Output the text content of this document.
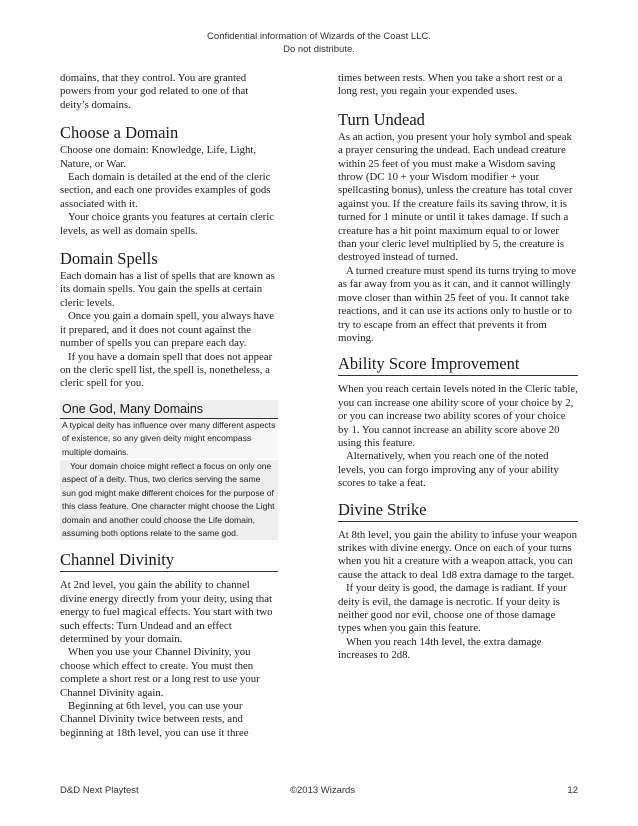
Confidential information of Wizards of the Coast LLC.
Do not distribute.

domains, that they control. You are granted powers from your god related to one of that deity’s domains.

Choose a Domain

Choose one domain: Knowledge, Life, Light, Nature, or War.

Each domain is detailed at the end of the cleric section, and each one provides examples of gods associated with it.

Your choice grants you features at certain cleric levels, as well as domain spells.

Domain Spells

Each domain has a list of spells that are known as its domain spells. You gain the spells at certain cleric levels.

Once you gain a domain spell, you always have it prepared, and it does not count against the number of spells you can prepare each day.

If you have a domain spell that does not appear on the cleric spell list, the spell is, nonetheless, a cleric spell for you.

One God, Many Domains

A typical deity has influence over many different aspects of existence, so any given deity might encompass multiple domains.

Your domain choice might reflect a focus on only one aspect of a deity. Thus, two clerics serving the same sun god might make different choices for the purpose of this class feature. One character might choose the Light domain and another could choose the Life domain, assuming both options relate to the same god.

Channel Divinity

At 2nd level, you gain the ability to channel divine energy directly from your deity, using that energy to fuel magical effects. You start with two such effects: Turn Undead and an effect determined by your domain.

When you use your Channel Divinity, you choose which effect to create. You must then complete a short rest or a long rest to use your Channel Divinity again.

Beginning at 6th level, you can use your Channel Divinity twice between rests, and beginning at 18th level, you can use it three

times between rests. When you take a short rest or a long rest, you regain your expended uses.

Turn Undead

As an action, you present your holy symbol and speak a prayer censuring the undead. Each undead creature within 25 feet of you must make a Wisdom saving throw (DC 10 + your Wisdom modifier + your spellcasting bonus), unless the creature has total cover against you. If the creature fails its saving throw, it is turned for 1 minute or until it takes damage. If such a creature has a hit point maximum equal to or lower than your cleric level multiplied by 5, the creature is destroyed instead of turned.

A turned creature must spend its turns trying to move as far away from you as it can, and it cannot willingly move closer than within 25 feet of you. It cannot take reactions, and it can use its actions only to hustle or to try to escape from an effect that prevents it from moving.

Ability Score Improvement

When you reach certain levels noted in the Cleric table, you can increase one ability score of your choice by 2, or you can increase two ability scores of your choice by 1. You cannot increase an ability score above 20 using this feature.

Alternatively, when you reach one of the noted levels, you can forgo improving any of your ability scores to take a feat.

Divine Strike

At 8th level, you gain the ability to infuse your weapon strikes with divine energy. Once on each of your turns when you hit a creature with a weapon attack, you can cause the attack to deal 1d8 extra damage to the target.

If your deity is good, the damage is radiant. If your deity is evil, the damage is necrotic. If your deity is neither good nor evil, choose one of those damage types when you gain this feature.

When you reach 14th level, the extra damage increases to 2d8.

D&D Next Playtest	©2013 Wizards	12
